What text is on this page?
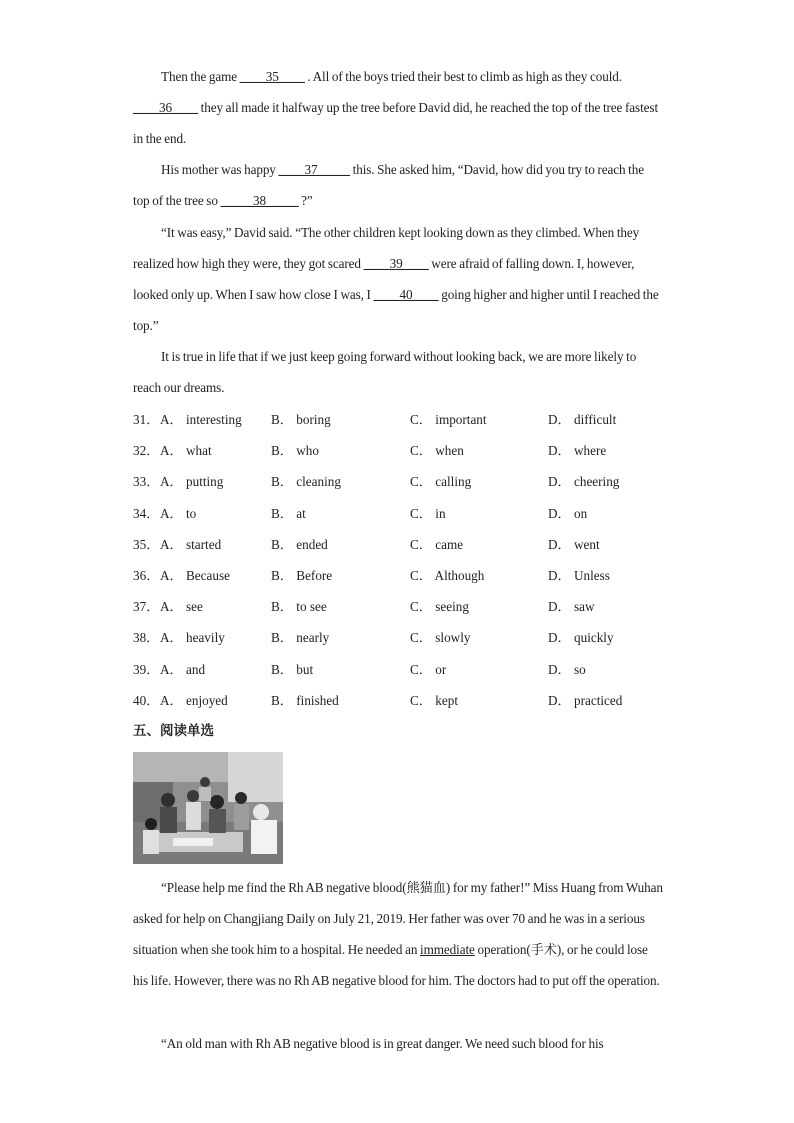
Then the game ____35____ . All of the boys tried their best to climb as high as they could. ____36____ they all made it halfway up the tree before David did, he reached the top of the tree fastest in the end.
His mother was happy ____37_____ this. She asked him, “David, how did you try to reach the top of the tree so _____38_____ ?”
“It was easy,” David said. “The other children kept looking down as they climbed. When they realized how high they were, they got scared ____39____ were afraid of falling down. I, however, looked only up. When I saw how close I was, I ____40____ going higher and higher until I reached the top.”
It is true in life that if we just keep going forward without looking back, we are more likely to reach our dreams.
31． A． interesting B． boring	C． important	D． difficult
32． A． what	B． who	C． when	D． where
33． A． putting	B． cleaning	C． calling	D． cheering
34． A． to	B． at	C． in	D． on
35． A． started	B． ended	C． came	D． went
36． A． Because	B． Before	C． Although	D． Unless
37． A． see	B． to see	C． seeing	D． saw
38． A． heavily	B． nearly	C． slowly	D． quickly
39． A． and	B． but	C． or	D． so
40． A． enjoyed	B． finished	C． kept	D． practiced
五、阅读单选
“Please help me find the Rh AB negative blood(熊猫血) for my father!” Miss Huang from Wuhan asked for help on Changjiang Daily on July 21, 2019. Her father was over 70 and he was in a serious situation when she took him to a hospital. He needed an immediate operation(手术), or he could lose his life. However, there was no Rh AB negative blood for him. The doctors had to put off the operation.
“An old man with Rh AB negative blood is in great danger. We need such blood for his
